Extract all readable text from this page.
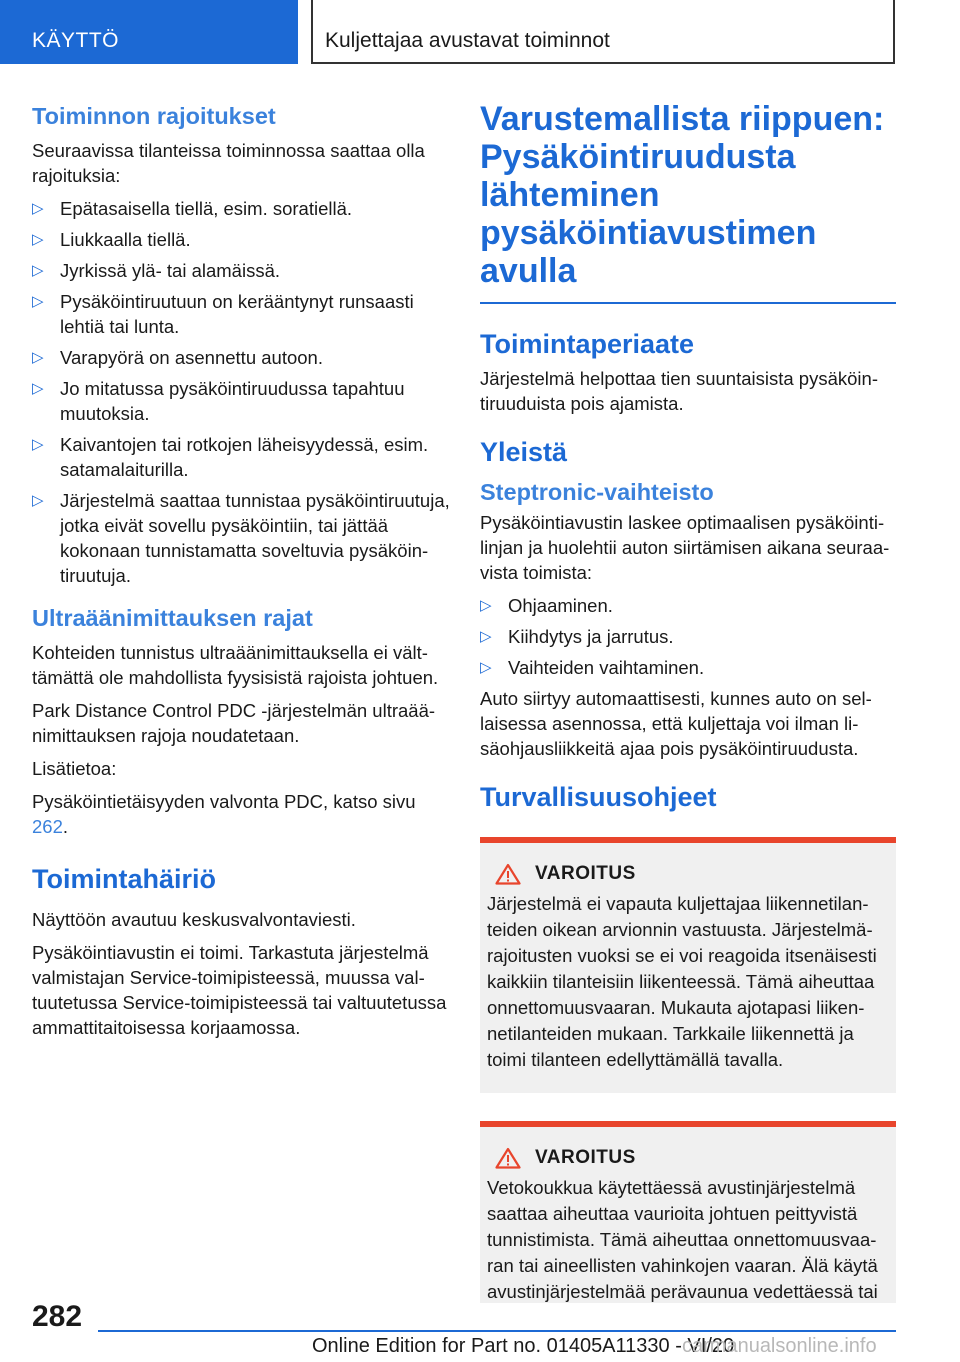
KÄYTTÖ	Kuljettajaa avustavat toiminnot
Toiminnon rajoitukset

Seuraavissa tilanteissa toiminnossa saattaa olla rajoituksia:

▷ Epätasaisella tiellä, esim. soratiellä.
▷ Liukkaalla tiellä.
▷ Jyrkissä ylä- tai alamäissä.
▷ Pysäköintiruutuun on kerääntynyt runsaasti lehtiä tai lunta.
▷ Varapyörä on asennettu autoon.
▷ Jo mitatussa pysäköintiruudussa tapahtuu muutoksia.
▷ Kaivantojen tai rotkojen läheisyydessä, esim. satamalaiturilla.
▷ Järjestelmä saattaa tunnistaa pysäköintiruutuja, jotka eivät sovellu pysäköintiin, tai jättää kokonaan tunnistamatta soveltuvia pysäköintiruutuja.
Ultraäänimittauksen rajat

Kohteiden tunnistus ultraäänimittauksella ei välttämättä ole mahdollista fyysisistä rajoista johtuen.

Park Distance Control PDC -järjestelmän ultraäänimittauksen rajoja noudatetaan.

Lisätietoa:

Pysäköintietäisyyden valvonta PDC, katso sivu 262.

Toimintahäiriö

Näyttöön avautuu keskusvalvontaviesti.

Pysäköintiavustin ei toimi. Tarkastuta järjestelmä valmistajan Service-toimipisteessä, muussa valtuutetussa Service-toimipisteessä tai valtuutetussa ammattitaitoisessa korjaamossa.

Varustemallista riippuen: Pysäköintiruudusta lähteminen pysäköintiavustimen avulla
Toimintaperiaate

Järjestelmä helpottaa tien suuntaisista pysäköintiruuduista pois ajamista.

Yleistä
Steptronic-vaihteisto

Pysäköintiavustin laskee optimaalisen pysäköintilinjan ja huolehtii auton siirtämisen aikana seuraavista toimista:

▷ Ohjaaminen.
▷ Kiihdytys ja jarrutus.
▷ Vaihteiden vaihtaminen.

Auto siirtyy automaattisesti, kunnes auto on sellaisessa asennossa, että kuljettaja voi ilman lisäohjausliikkeitä ajaa pois pysäköintiruudusta.

Turvallisuusohjeet
VAROITUS

Järjestelmä ei vapauta kuljettajaa liikennetilanteiden oikean arvionnin vastuusta. Järjestelmärajoitusten vuoksi se ei voi reagoida itsenäisesti kaikkiin tilanteisiin liikenteessä. Tämä aiheuttaa onnettomuusvaaran. Mukauta ajotapasi liikennetilanteiden mukaan. Tarkkaile liikennettä ja toimi tilanteen edellyttämällä tavalla.

VAROITUS

Vetokoukkua käytettäessä avustinjärjestelmä saattaa aiheuttaa vaurioita johtuen peittyvistä tunnistimista. Tämä aiheuttaa onnettomuusvaaran tai aineellisten vahinkojen vaaran. Älä käytä avustinjärjestelmää perävaunua vedettäessä tai

282
Online Edition for Part no. 01405A11330 - VI/20
carmanualsonline.info
